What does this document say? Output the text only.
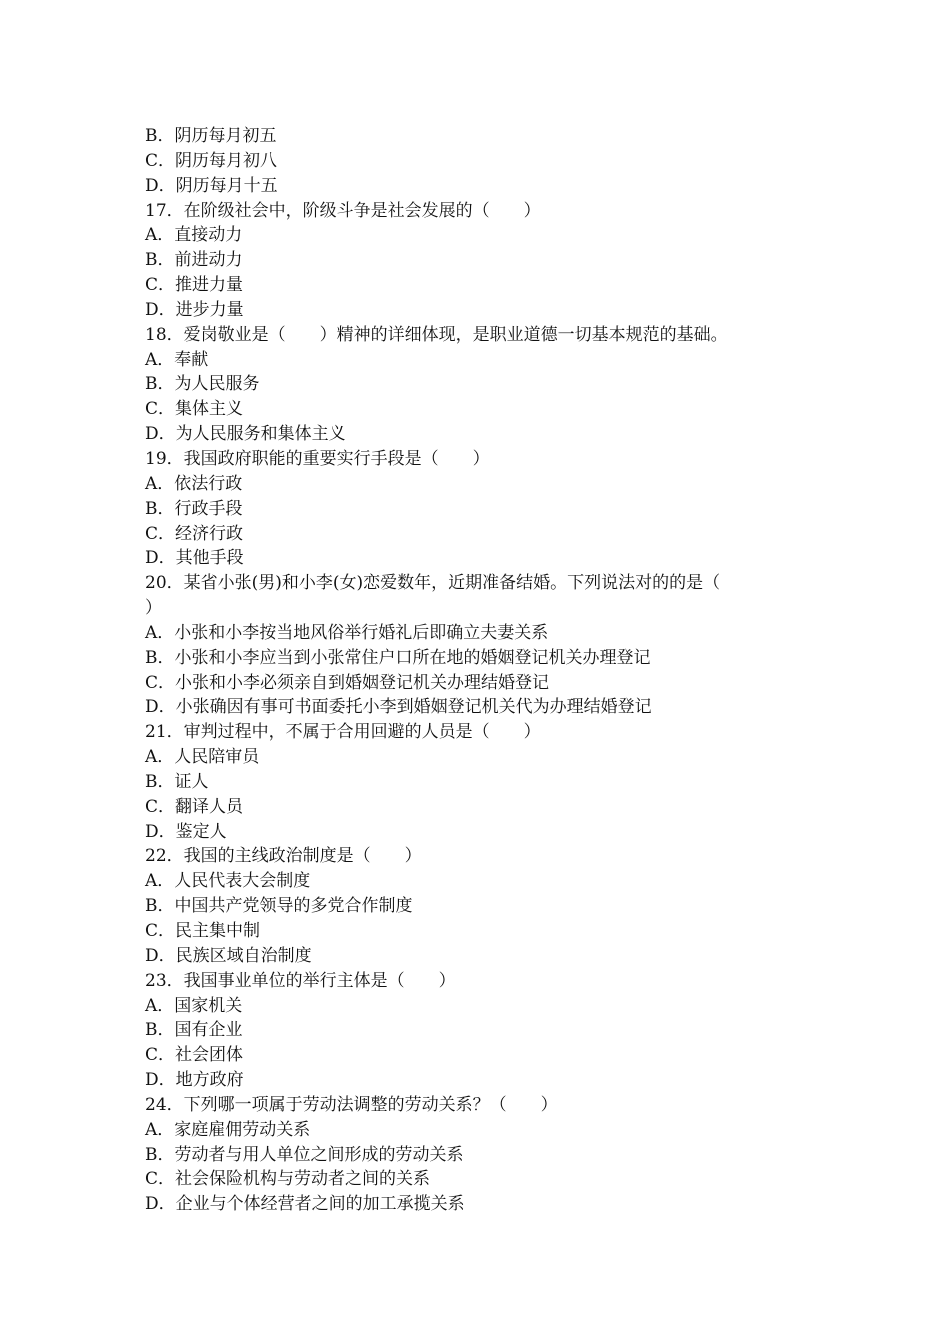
B．阴历每月初五
C．阴历每月初八
D．阴历每月十五
17．在阶级社会中，阶级斗争是社会发展的（　　）
A．直接动力
B．前进动力
C．推进力量
D．进步力量
18．爱岗敬业是（　　）精神的详细体现，是职业道德一切基本规范的基础。
A．奉献
B．为人民服务
C．集体主义
D．为人民服务和集体主义
19．我国政府职能的重要实行手段是（　　）
A．依法行政
B．行政手段
C．经济行政
D．其他手段
20．某省小张(男)和小李(女)恋爱数年，近期准备结婚。下列说法对的的是（
）
A．小张和小李按当地风俗举行婚礼后即确立夫妻关系
B．小张和小李应当到小张常住户口所在地的婚姻登记机关办理登记
C．小张和小李必须亲自到婚姻登记机关办理结婚登记
D．小张确因有事可书面委托小李到婚姻登记机关代为办理结婚登记
21．审判过程中，不属于合用回避的人员是（　　）
A．人民陪审员
B．证人
C．翻译人员
D．鉴定人
22．我国的主线政治制度是（　　）
A．人民代表大会制度
B．中国共产党领导的多党合作制度
C．民主集中制
D．民族区域自治制度
23．我国事业单位的举行主体是（　　）
A．国家机关
B．国有企业
C．社会团体
D．地方政府
24．下列哪一项属于劳动法调整的劳动关系？（　　）
A．家庭雇佣劳动关系
B．劳动者与用人单位之间形成的劳动关系
C．社会保险机构与劳动者之间的关系
D．企业与个体经营者之间的加工承揽关系
